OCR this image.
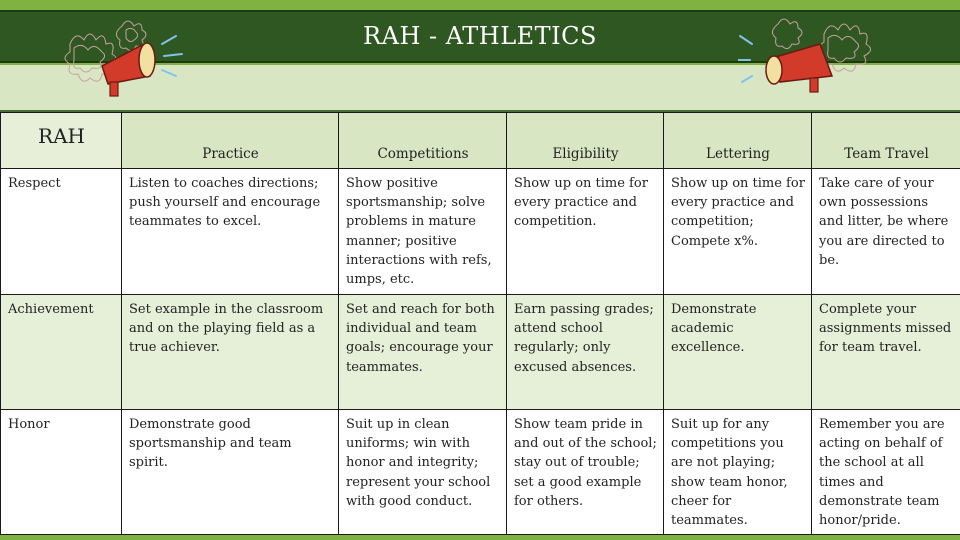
RAH - ATHLETICS
RAH	Practice	Competitions	Eligibility	Lettering	Team Travel
Respect	Listen to coaches directions; push yourself and encourage teammates to excel.	Show positive sportsmanship; solve problems in mature manner; positive interactions with refs, umps, etc.	Show up on time for every practice and competition.	Show up on time for every practice and competition; Compete x%.	Take care of your own possessions and litter, be where you are directed to be.
Achievement	Set example in the classroom and on the playing field as a true achiever.	Set and reach for both individual and team goals; encourage your teammates.	Earn passing grades; attend school regularly; only excused absences.	Demonstrate academic excellence.	Complete your assignments missed for team travel.
Honor	Demonstrate good sportsmanship and team spirit.	Suit up in clean uniforms; win with honor and integrity; represent your school with good conduct.	Show team pride in and out of the school; stay out of trouble; set a good example for others.	Suit up for any competitions you are not playing; show team honor, cheer for teammates.	Remember you are acting on behalf of the school at all times and demonstrate team honor/pride.
